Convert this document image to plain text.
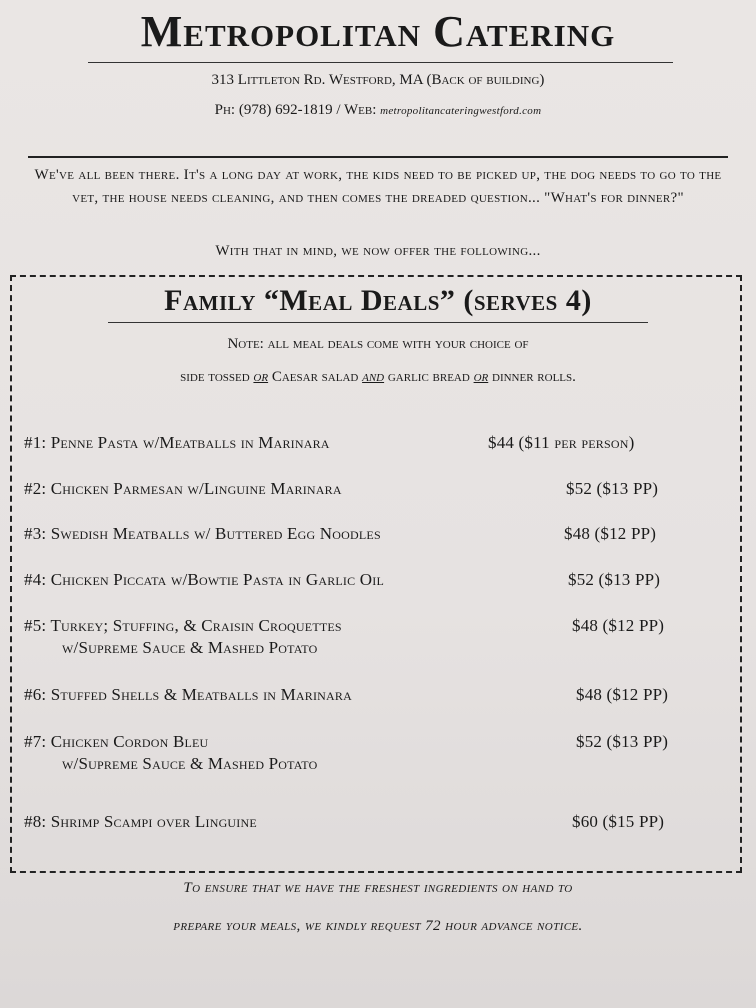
Metropolitan Catering
313 Littleton Rd. Westford, MA (Back of building)
Ph: (978) 692-1819 / Web: metropolitancateringwestford.com
We've all been there. It's a long day at work, the kids need to be picked up, the dog needs to go to the vet, the house needs cleaning, and then comes the dreaded question... "What's for dinner?"
With that in mind, we now offer the following...
Family “Meal Deals” (serves 4)
Note: all meal deals come with your choice of
side tossed or Caesar salad and garlic bread or dinner rolls.
#1: Penne Pasta w/Meatballs in Marinara	$44 ($11 per person)
#2: Chicken Parmesan w/Linguine Marinara	$52 ($13 PP)
#3: Swedish Meatballs w/ Buttered Egg Noodles	$48 ($12 PP)
#4: Chicken Piccata w/Bowtie Pasta in Garlic Oil	$52 ($13 PP)
#5: Turkey; Stuffing, & Craisin Croquettes
w/Supreme Sauce & Mashed Potato
$48 ($12 PP)
#6: Stuffed Shells & Meatballs in Marinara	$48 ($12 PP)
#7: Chicken Cordon Bleu
w/Supreme Sauce & Mashed Potato
$52 ($13 PP)
#8: Shrimp Scampi over Linguine	$60 ($15 PP)
To ensure that we have the freshest ingredients on hand to
prepare your meals, we kindly request 72 hour advance notice.
